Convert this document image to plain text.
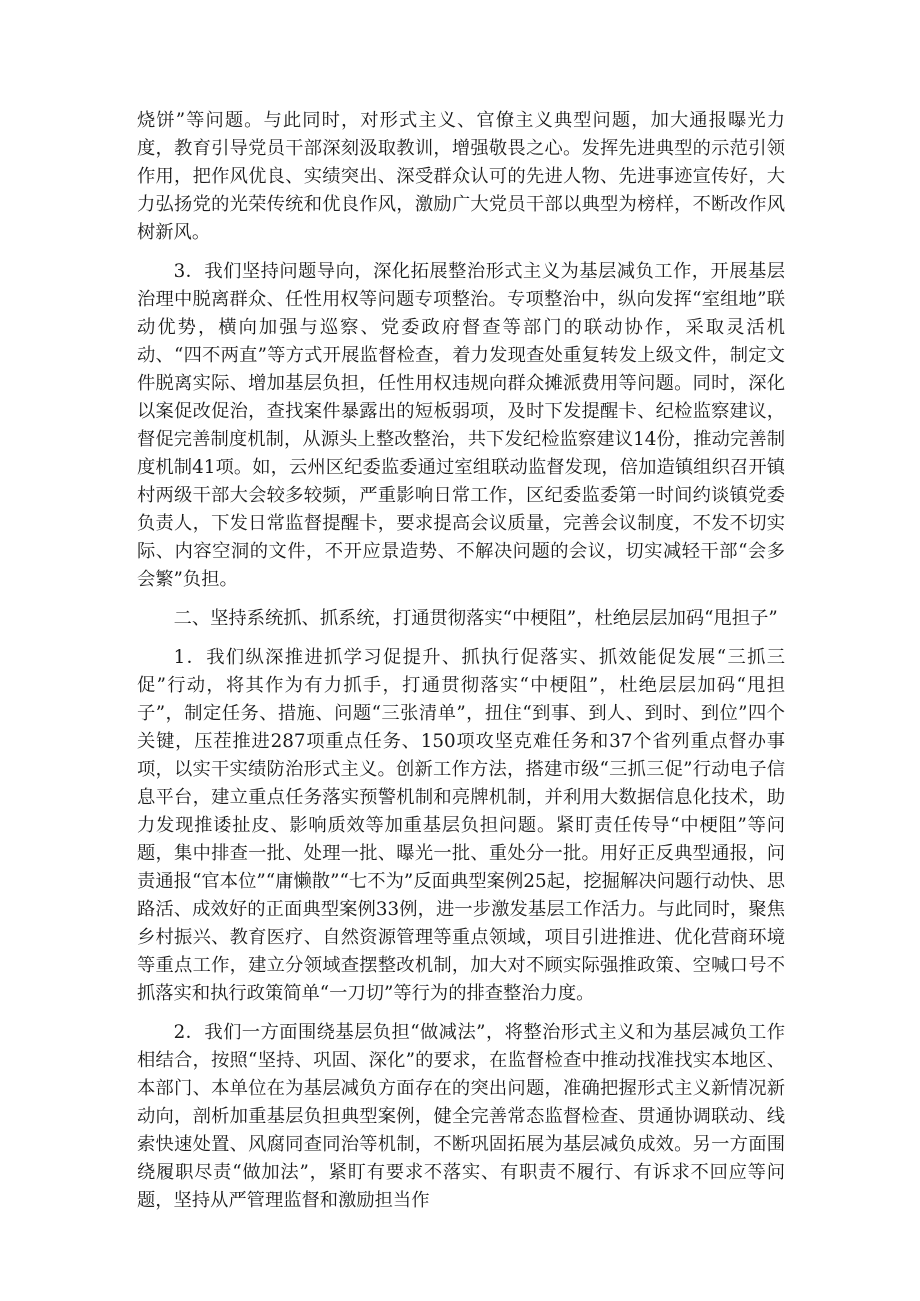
烧饼”等问题。与此同时，对形式主义、官僚主义典型问题，加大通报曝光力度，教育引导党员干部深刻汲取教训，增强敬畏之心。发挥先进典型的示范引领作用，把作风优良、实绩突出、深受群众认可的先进人物、先进事迹宣传好，大力弘扬党的光荣传统和优良作风，激励广大党员干部以典型为榜样，不断改作风树新风。

3．我们坚持问题导向，深化拓展整治形式主义为基层减负工作，开展基层治理中脱离群众、任性用权等问题专项整治。专项整治中，纵向发挥“室组地”联动优势，横向加强与巡察、党委政府督查等部门的联动协作，采取灵活机动、“四不两直”等方式开展监督检查，着力发现查处重复转发上级文件，制定文件脱离实际、增加基层负担，任性用权违规向群众摊派费用等问题。同时，深化以案促改促治，查找案件暴露出的短板弱项，及时下发提醒卡、纪检监察建议，督促完善制度机制，从源头上整改整治，共下发纪检监察建议14份，推动完善制度机制41项。如，云州区纪委监委通过室组联动监督发现，倍加造镇组织召开镇村两级干部大会较多较频，严重影响日常工作，区纪委监委第一时间约谈镇党委负责人，下发日常监督提醒卡，要求提高会议质量，完善会议制度，不发不切实际、内容空洞的文件，不开应景造势、不解决问题的会议，切实减轻干部“会多会繁”负担。

二、坚持系统抓、抓系统，打通贯彻落实“中梗阻”，杜绝层层加码“甩担子”

1．我们纵深推进抓学习促提升、抓执行促落实、抓效能促发展“三抓三促”行动，将其作为有力抓手，打通贯彻落实“中梗阻”，杜绝层层加码“甩担子”，制定任务、措施、问题“三张清单”，扭住“到事、到人、到时、到位”四个关键，压茬推进287项重点任务、150项攻坚克难任务和37个省列重点督办事项，以实干实绩防治形式主义。创新工作方法，搭建市级“三抓三促”行动电子信息平台，建立重点任务落实预警机制和亮牌机制，并利用大数据信息化技术，助力发现推诿扯皮、影响质效等加重基层负担问题。紧盯责任传导“中梗阻”等问题，集中排查一批、处理一批、曝光一批、重处分一批。用好正反典型通报，问责通报“官本位”“庸懒散”“七不为”反面典型案例25起，挖掘解决问题行动快、思路活、成效好的正面典型案例33例，进一步激发基层工作活力。与此同时，聚焦乡村振兴、教育医疗、自然资源管理等重点领域，项目引进推进、优化营商环境等重点工作，建立分领域查摆整改机制，加大对不顾实际强推政策、空喊口号不抓落实和执行政策简单“一刀切”等行为的排查整治力度。

2．我们一方面围绕基层负担“做减法”，将整治形式主义和为基层减负工作相结合，按照“坚持、巩固、深化”的要求，在监督检查中推动找准找实本地区、本部门、本单位在为基层减负方面存在的突出问题，准确把握形式主义新情况新动向，剖析加重基层负担典型案例，健全完善常态监督检查、贯通协调联动、线索快速处置、风腐同查同治等机制，不断巩固拓展为基层减负成效。另一方面围绕履职尽责“做加法”，紧盯有要求不落实、有职责不履行、有诉求不回应等问题，坚持从严管理监督和激励担当作
